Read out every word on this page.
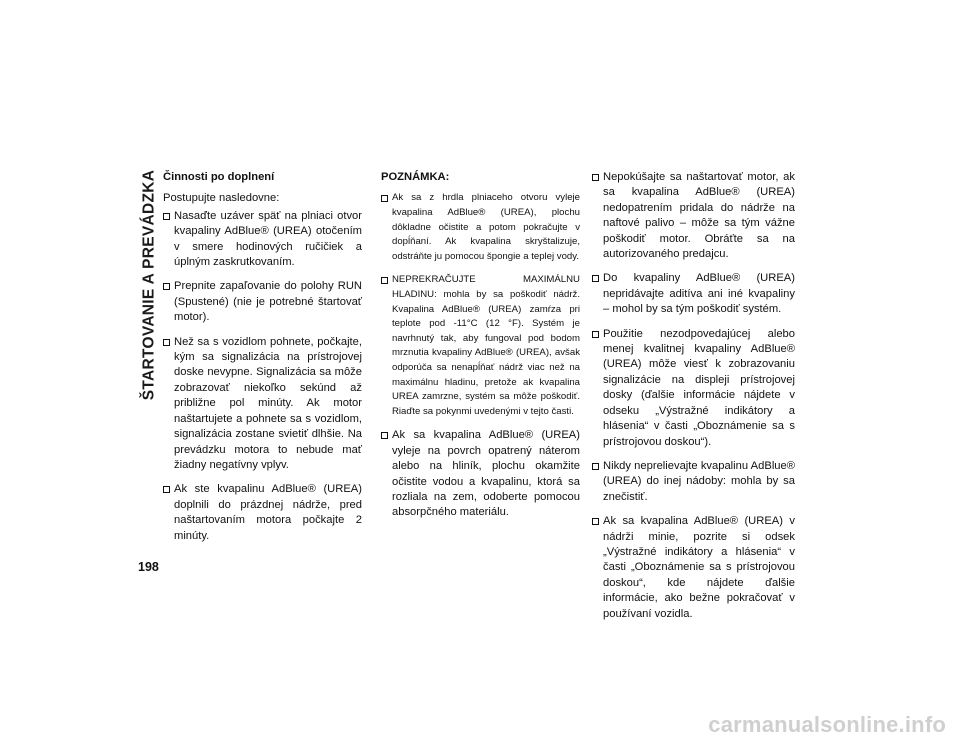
ŠTARTOVANIE A PREVÁDZKA Činnosti po doplnení
Postupujte nasledovne:
Nasaďte uzáver späť na plniaci otvor kvapaliny AdBlue® (UREA) otočením v smere hodinových ručičiek a úplným zaskrutkovaním.
Prepnite zapaľovanie do polohy RUN (Spustené) (nie je potrebné štartovať motor).
Než sa s vozidlom pohnete, počkajte, kým sa signalizácia na prístrojovej doske nevypne. Signalizácia sa môže zobrazovať niekoľko sekúnd až približne pol minúty. Ak motor naštartujete a pohnete sa s vozidlom, signalizácia zostane svietiť dlhšie. Na prevádzku motora to nebude mať žiadny negatívny vplyv.
Ak ste kvapalinu AdBlue® (UREA) doplnili do prázdnej nádrže, pred naštartovaním motora počkajte 2 minúty.
POZNÁMKA:
Ak sa z hrdla plniaceho otvoru vyleje kvapalina AdBlue® (UREA), plochu dôkladne očistite a potom pokračujte v dopĺňaní. Ak kvapalina skryštalizuje, odstráňte ju pomocou špongie a teplej vody.
NEPREKRAČUJTE MAXIMÁLNU HLADINU: mohla by sa poškodiť nádrž. Kvapalina AdBlue® (UREA) zamŕza pri teplote pod -11°C (12 °F). Systém je navrhnutý tak, aby fungoval pod bodom mrznutia kvapaliny AdBlue® (UREA), avšak odporúča sa nenapĺňať nádrž viac než na maximálnu hladinu, pretože ak kvapalina UREA zamrzne, systém sa môže poškodiť. Riaďte sa pokynmi uvedenými v tejto časti.
Ak sa kvapalina AdBlue® (UREA) vyleje na povrch opatrený náterom alebo na hliník, plochu okamžite očistite vodou a kvapalinu, ktorá sa rozliala na zem, odoberte pomocou absorpčného materiálu.
Nepokúšajte sa naštartovať motor, ak sa kvapalina AdBlue® (UREA) nedopatrením pridala do nádrže na naftové palivo – môže sa tým vážne poškodiť motor. Obráťte sa na autorizovaného predajcu.
Do kvapaliny AdBlue® (UREA) nepridávajte aditíva ani iné kvapaliny – mohol by sa tým poškodiť systém.
Použitie nezodpovedajúcej alebo menej kvalitnej kvapaliny AdBlue® (UREA) môže viesť k zobrazovaniu signalizácie na displeji prístrojovej dosky (ďalšie informácie nájdete v odseku „Výstražné indikátory a hlásenia“ v časti „Oboznámenie sa s prístrojovou doskou“).
Nikdy neprelievajte kvapalinu AdBlue® (UREA) do inej nádoby: mohla by sa znečistiť.
Ak sa kvapalina AdBlue® (UREA) v nádrži minie, pozrite si odsek „Výstražné indikátory a hlásenia“ v časti „Oboznámenie sa s prístrojovou doskou“, kde nájdete ďalšie informácie, ako bežne pokračovať v používaní vozidla.
198
carmanualsonline.info
